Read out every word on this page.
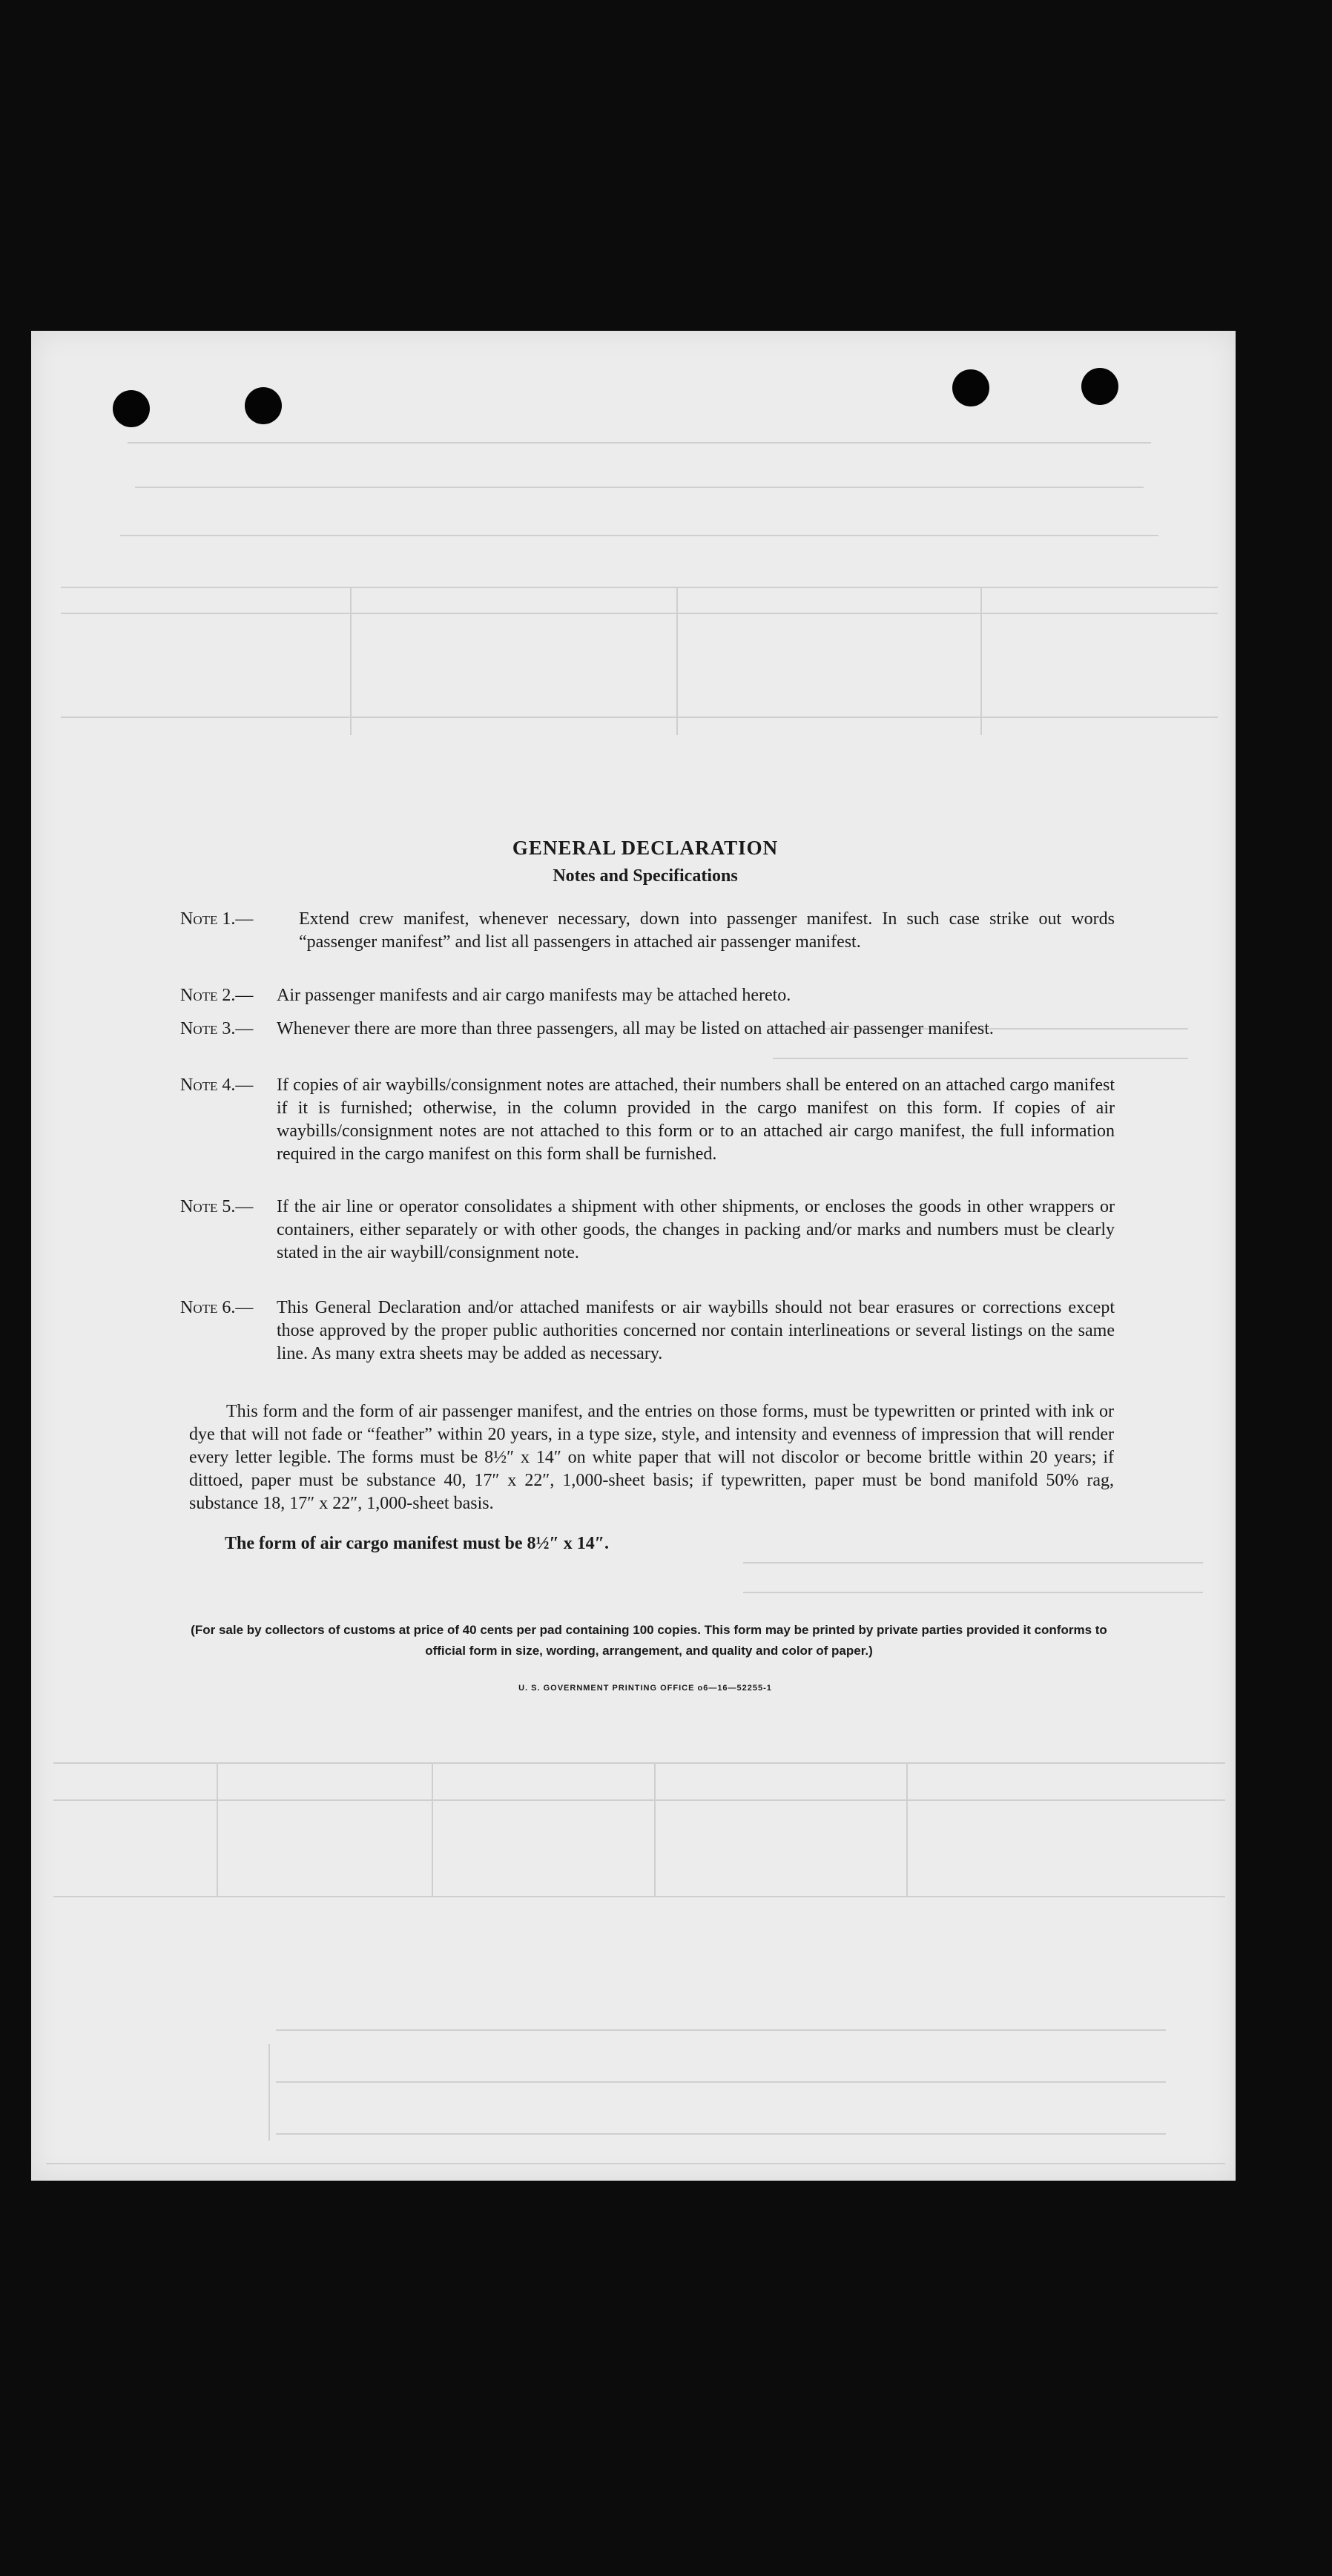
GENERAL DECLARATION
Notes and Specifications
Note 1.—	Extend crew manifest, whenever necessary, down into passenger manifest. In such case strike out words “passenger manifest” and list all passengers in attached air passenger manifest.
Note 2.— Air passenger manifests and air cargo manifests may be attached hereto.
Note 3.— Whenever there are more than three passengers, all may be listed on attached air passenger manifest.
Note 4.— If copies of air waybills/consignment notes are attached, their numbers shall be entered on an attached cargo manifest if it is furnished; otherwise, in the column provided in the cargo manifest on this form. If copies of air waybills/consignment notes are not attached to this form or to an attached air cargo manifest, the full information required in the cargo manifest on this form shall be furnished.
Note 5.— If the air line or operator consolidates a shipment with other shipments, or encloses the goods in other wrappers or containers, either separately or with other goods, the changes in packing and/or marks and numbers must be clearly stated in the air waybill/consignment note.
Note 6.— This General Declaration and/or attached manifests or air waybills should not bear erasures or corrections except those approved by the proper public authorities concerned nor contain interlineations or several listings on the same line. As many extra sheets may be added as necessary.
This form and the form of air passenger manifest, and the entries on those forms, must be typewritten or printed with ink or dye that will not fade or “feather” within 20 years, in a type size, style, and intensity and evenness of impression that will render every letter legible. The forms must be 8½″ x 14″ on white paper that will not discolor or become brittle within 20 years; if dittoed, paper must be substance 40, 17″ x 22″, 1,000-sheet basis; if typewritten, paper must be bond manifold 50% rag, substance 18, 17″ x 22″, 1,000-sheet basis.
The form of air cargo manifest must be 8½″ x 14″.
(For sale by collectors of customs at price of 40 cents per pad containing 100 copies. This form may be printed by private parties provided it conforms to official form in size, wording, arrangement, and quality and color of paper.)
U. S. GOVERNMENT PRINTING OFFICE o6—16—52255-1
